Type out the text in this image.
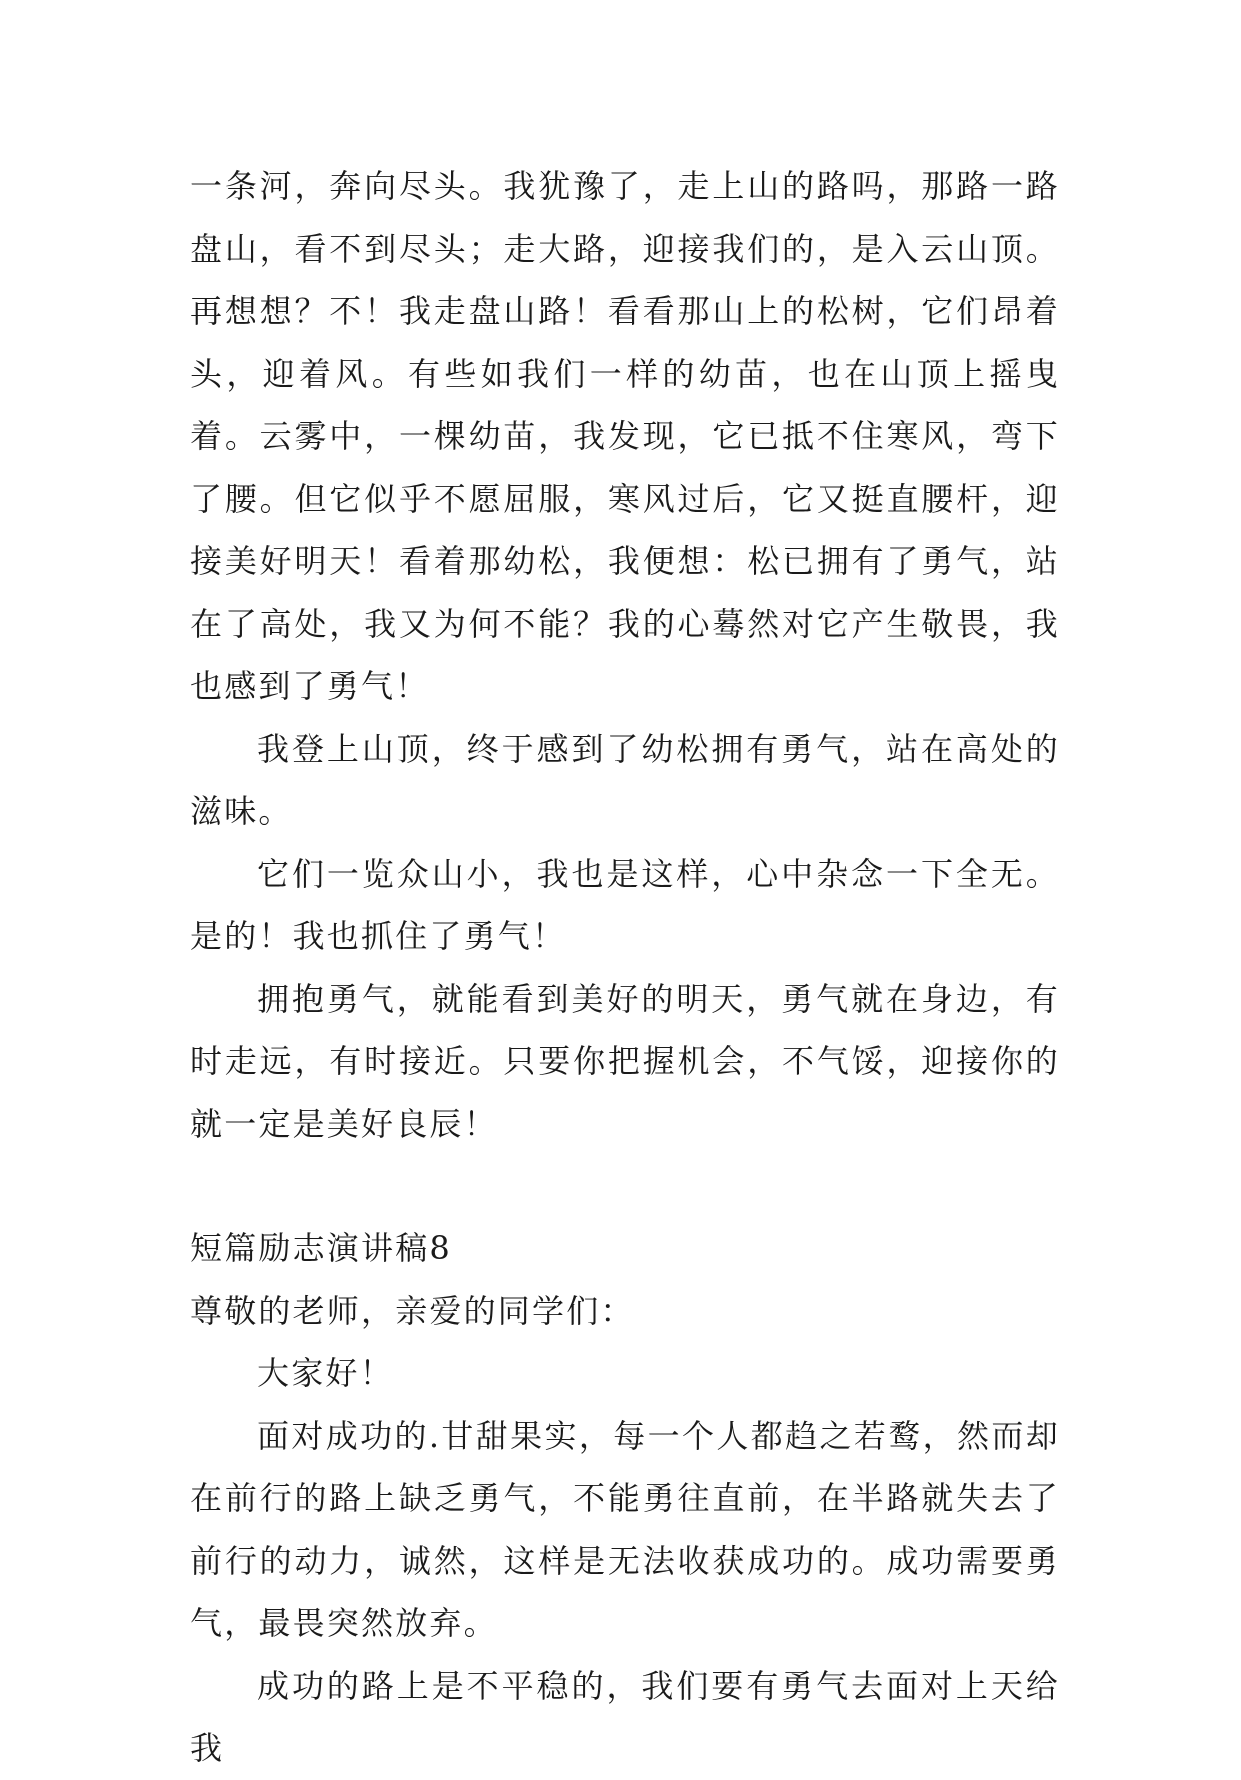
一条河，奔向尽头。我犹豫了，走上山的路吗，那路一路盘山，看不到尽头；走大路，迎接我们的，是入云山顶。再想想？不！我走盘山路！看看那山上的松树，它们昂着头，迎着风。有些如我们一样的幼苗，也在山顶上摇曳着。云雾中，一棵幼苗，我发现，它已抵不住寒风，弯下了腰。但它似乎不愿屈服，寒风过后，它又挺直腰杆，迎接美好明天！看着那幼松，我便想：松已拥有了勇气，站在了高处，我又为何不能？我的心蓦然对它产生敬畏，我也感到了勇气！

我登上山顶，终于感到了幼松拥有勇气，站在高处的滋味。

它们一览众山小，我也是这样，心中杂念一下全无。是的！我也抓住了勇气！

拥抱勇气，就能看到美好的明天，勇气就在身边，有时走远，有时接近。只要你把握机会，不气馁，迎接你的就一定是美好良辰！

短篇励志演讲稿8

尊敬的老师，亲爱的同学们：

大家好！

面对成功的.甘甜果实，每一个人都趋之若鹜，然而却在前行的路上缺乏勇气，不能勇往直前，在半路就失去了前行的动力，诚然，这样是无法收获成功的。成功需要勇气，最畏突然放弃。

成功的路上是不平稳的，我们要有勇气去面对上天给我
